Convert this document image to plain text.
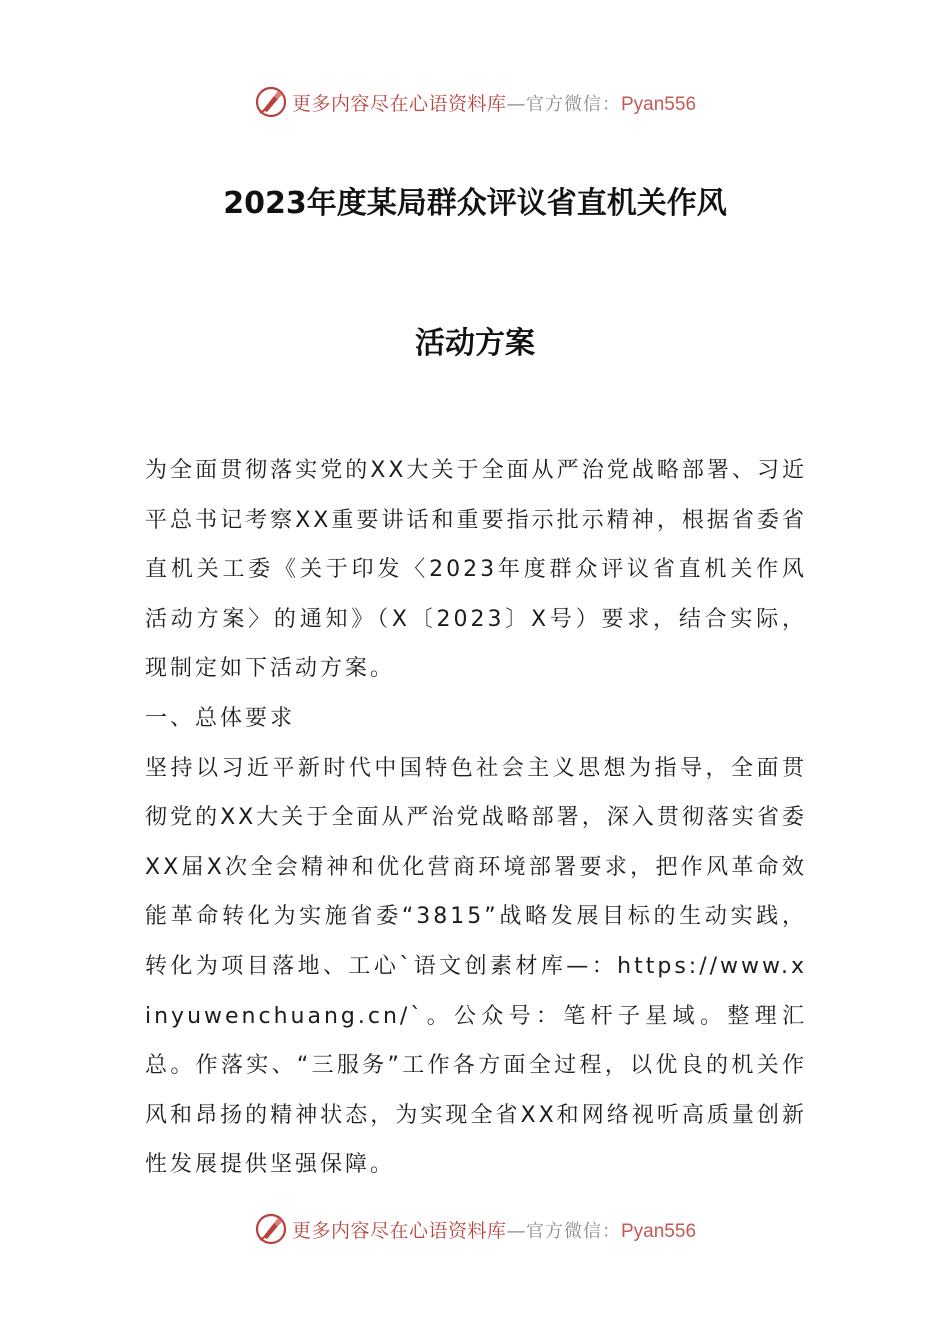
更多内容尽在心语资料库—官方微信：Pyan556
2023年度某局群众评议省直机关作风
活动方案

为全面贯彻落实党的XX大关于全面从严治党战略部署、习近平总书记考察XX重要讲话和重要指示批示精神，根据省委省直机关工委《关于印发〈2023年度群众评议省直机关作风活动方案〉的通知》（X〔2023〕X号）要求，结合实际，现制定如下活动方案。

一、总体要求

坚持以习近平新时代中国特色社会主义思想为指导，全面贯彻党的XX大关于全面从严治党战略部署，深入贯彻落实省委XX届X次全会精神和优化营商环境部署要求，把作风革命效能革命转化为实施省委“3815”战略发展目标的生动实践，转化为项目落地、工心`语文创素材库—：https://www.xinyuwenchuang.cn/`。公众号：笔杆子星域。整理汇总。作落实、“三服务”工作各方面全过程，以优良的机关作风和昂扬的精神状态，为实现全省XX和网络视听高质量创新性发展提供坚强保障。

更多内容尽在心语资料库—官方微信：Pyan556
